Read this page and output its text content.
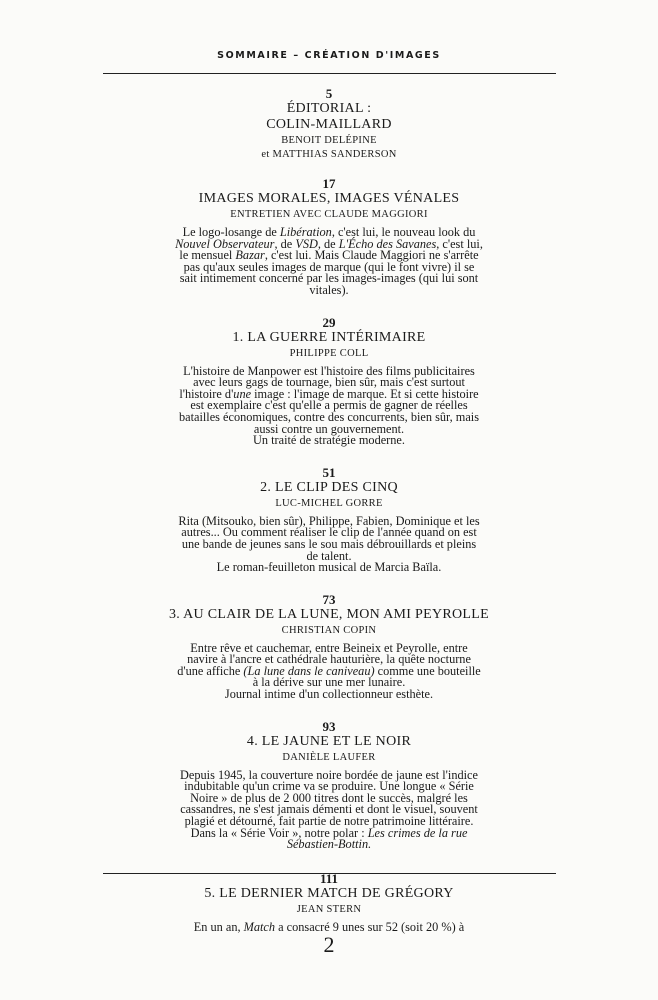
SOMMAIRE – CRÉATION D'IMAGES
5
ÉDITORIAL :
COLIN-MAILLARD
BENOIT DELÉPINE
et MATTHIAS SANDERSON
17
IMAGES MORALES, IMAGES VÉNALES
ENTRETIEN AVEC CLAUDE MAGGIORI
Le logo-losange de Libération, c'est lui, le nouveau look du
Nouvel Observateur, de VSD, de L'Écho des Savanes, c'est lui,
le mensuel Bazar, c'est lui. Mais Claude Maggiori ne s'arrête
pas qu'aux seules images de marque (qui le font vivre) il se
sait intimement concerné par les images-images (qui lui sont
vitales).
29
1. LA GUERRE INTÉRIMAIRE
PHILIPPE COLL
L'histoire de Manpower est l'histoire des films publicitaires
avec leurs gags de tournage, bien sûr, mais c'est surtout
l'histoire d'une image : l'image de marque. Et si cette histoire
est exemplaire c'est qu'elle a permis de gagner de réelles
batailles économiques, contre des concurrents, bien sûr, mais
aussi contre un gouvernement.
Un traité de stratégie moderne.
51
2. LE CLIP DES CINQ
LUC-MICHEL GORRE
Rita (Mitsouko, bien sûr), Philippe, Fabien, Dominique et les
autres... Ou comment réaliser le clip de l'année quand on est
une bande de jeunes sans le sou mais débrouillards et pleins
de talent.
Le roman-feuilleton musical de Marcia Baïla.
73
3. AU CLAIR DE LA LUNE, MON AMI PEYROLLE
CHRISTIAN COPIN
Entre rêve et cauchemar, entre Beineix et Peyrolle, entre
navire à l'ancre et cathédrale hauturière, la quête nocturne
d'une affiche (La lune dans le caniveau) comme une bouteille
à la dérive sur une mer lunaire.
Journal intime d'un collectionneur esthète.
93
4. LE JAUNE ET LE NOIR
DANIÈLE LAUFER
Depuis 1945, la couverture noire bordée de jaune est l'indice
indubitable qu'un crime va se produire. Une longue « Série
Noire » de plus de 2 000 titres dont le succès, malgré les
cassandres, ne s'est jamais démenti et dont le visuel, souvent
plagié et détourné, fait partie de notre patrimoine littéraire.
Dans la « Série Voir », notre polar : Les crimes de la rue
Sébastien-Bottin.
111
5. LE DERNIER MATCH DE GRÉGORY
JEAN STERN
En un an, Match a consacré 9 unes sur 52 (soit 20 %) à
2
